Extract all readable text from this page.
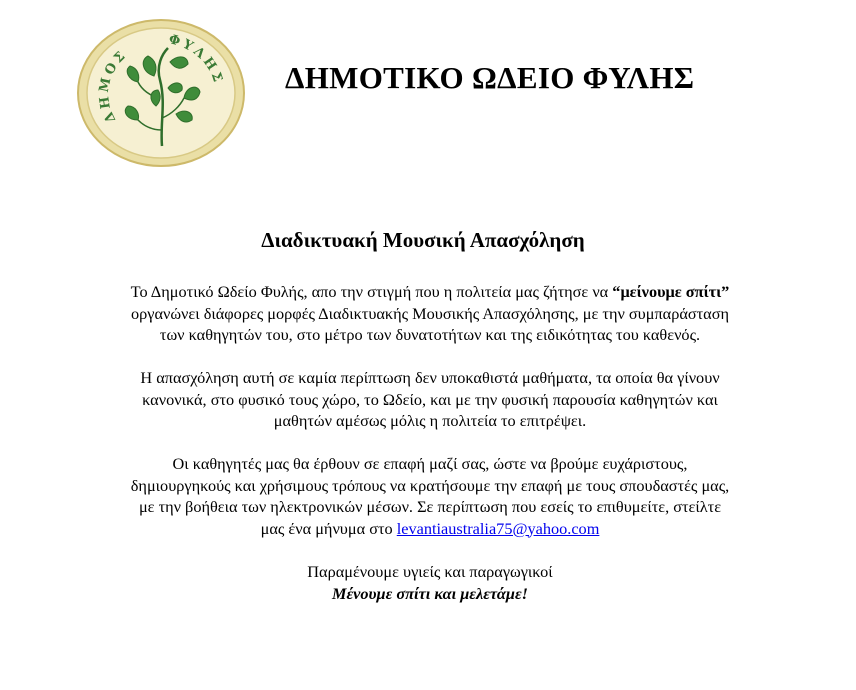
ΔΗΜΟΣ
ΦΥΛΗΣ ΔΗΜΟΤΙΚΟ ΩΔΕΙΟ ΦΥΛΗΣ
Διαδικτυακή Μουσική Απασχόληση

Το Δημοτικό Ωδείο Φυλής, απο την στιγμή που η πολιτεία μας ζήτησε να “μείνουμε σπίτι”
οργανώνει διάφορες μορφές Διαδικτυακής Μουσικής Απασχόλησης, με την συμπαράσταση
των καθηγητών του, στο μέτρο των δυνατοτήτων και της ειδικότητας του καθενός.

Η απασχόληση αυτή σε καμία περίπτωση δεν υποκαθιστά μαθήματα, τα οποία θα γίνουν
κανονικά, στο φυσικό τους χώρο, το Ωδείο, και με την φυσική παρουσία καθηγητών και
μαθητών αμέσως μόλις η πολιτεία το επιτρέψει.

Οι καθηγητές μας θα έρθουν σε επαφή μαζί σας, ώστε να βρούμε ευχάριστους,
δημιουργηκούς και χρήσιμους τρόπους να κρατήσουμε την επαφή με τους σπουδαστές μας,
με την βοήθεια των ηλεκτρονικών μέσων. Σε περίπτωση που εσείς το επιθυμείτε, στείλτε
μας ένα μήνυμα στο levantiaustralia75@yahoo.com

Παραμένουμε υγιείς και παραγωγικοί
Μένουμε σπίτι και μελετάμε!
